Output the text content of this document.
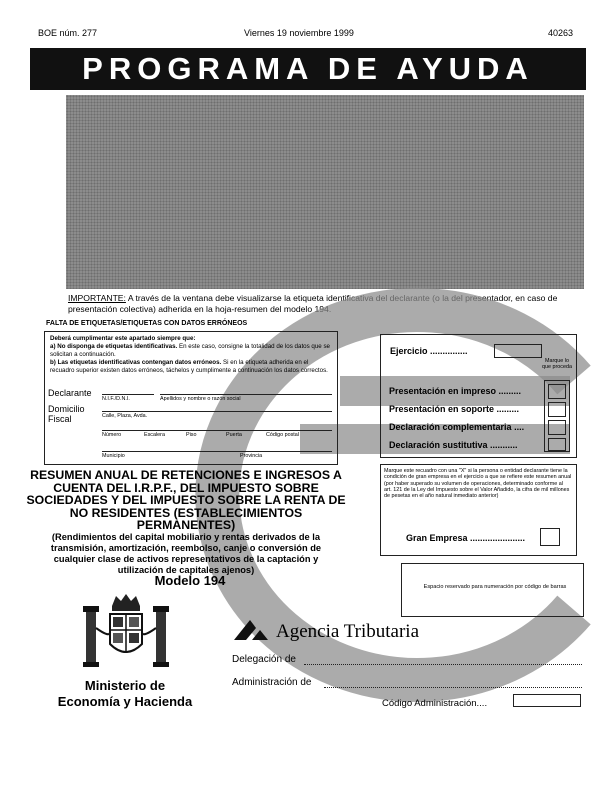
BOE núm. 277	Viernes 19 noviembre 1999	40263
PROGRAMA DE AYUDA
IMPORTANTE: A través de la ventana debe visualizarse la etiqueta identificativa del declarante (o la del presentador, en caso de presentación colectiva) adherida en la hoja-resumen del modelo 194.
FALTA DE ETIQUETAS/ETIQUETAS CON DATOS ERRÓNEOS
Deberá cumplimentar este apartado siempre que:
a) No disponga de etiquetas identificativas. En este caso, consigne la totalidad de los datos que se solicitan a continuación.
b) Las etiquetas identificativas contengan datos erróneos. Si en la etiqueta adherida en el recuadro superior existen datos erróneos, táchelos y cumplimente a continuación los datos correctos.
Declarante
N.I.F./D.N.I.	Apellidos y nombre o razón social
Domicilio Fiscal	Calle, Plaza, Avda.
Número	Escalera	Piso	Puerta	Código postal
Municipio	Provincia
Ejercicio ...............
Marque lo que proceda
Presentación en impreso .........
Presentación en soporte .........
Declaración complementaria ....
Declaración sustitutiva ...........
Marque este recuadro con una "X" si la persona o entidad declarante tiene la condición de gran empresa en el ejercicio a que se refiere este resumen anual (por haber superado su volumen de operaciones, determinado conforme al art. 121 de la Ley del Impuesto sobre el Valor Añadido, la cifra de mil millones de pesetas en el año natural inmediato anterior)
Gran Empresa ......................
Espacio reservado para numeración por código de barras
RESUMEN ANUAL DE RETENCIONES E INGRESOS A CUENTA DEL I.R.P.F., DEL IMPUESTO SOBRE SOCIEDADES Y DEL IMPUESTO SOBRE LA RENTA DE NO RESIDENTES (ESTABLECIMIENTOS PERMANENTES)
(Rendimientos del capital mobiliario y rentas derivados de la transmisión, amortización, reembolso, canje o conversión de cualquier clase de activos representativos de la captación y utilización de capitales ajenos)
Modelo 194
Ministerio de
Economía y Hacienda
Agencia Tributaria
Delegación de
Administración de
Código Administración....
